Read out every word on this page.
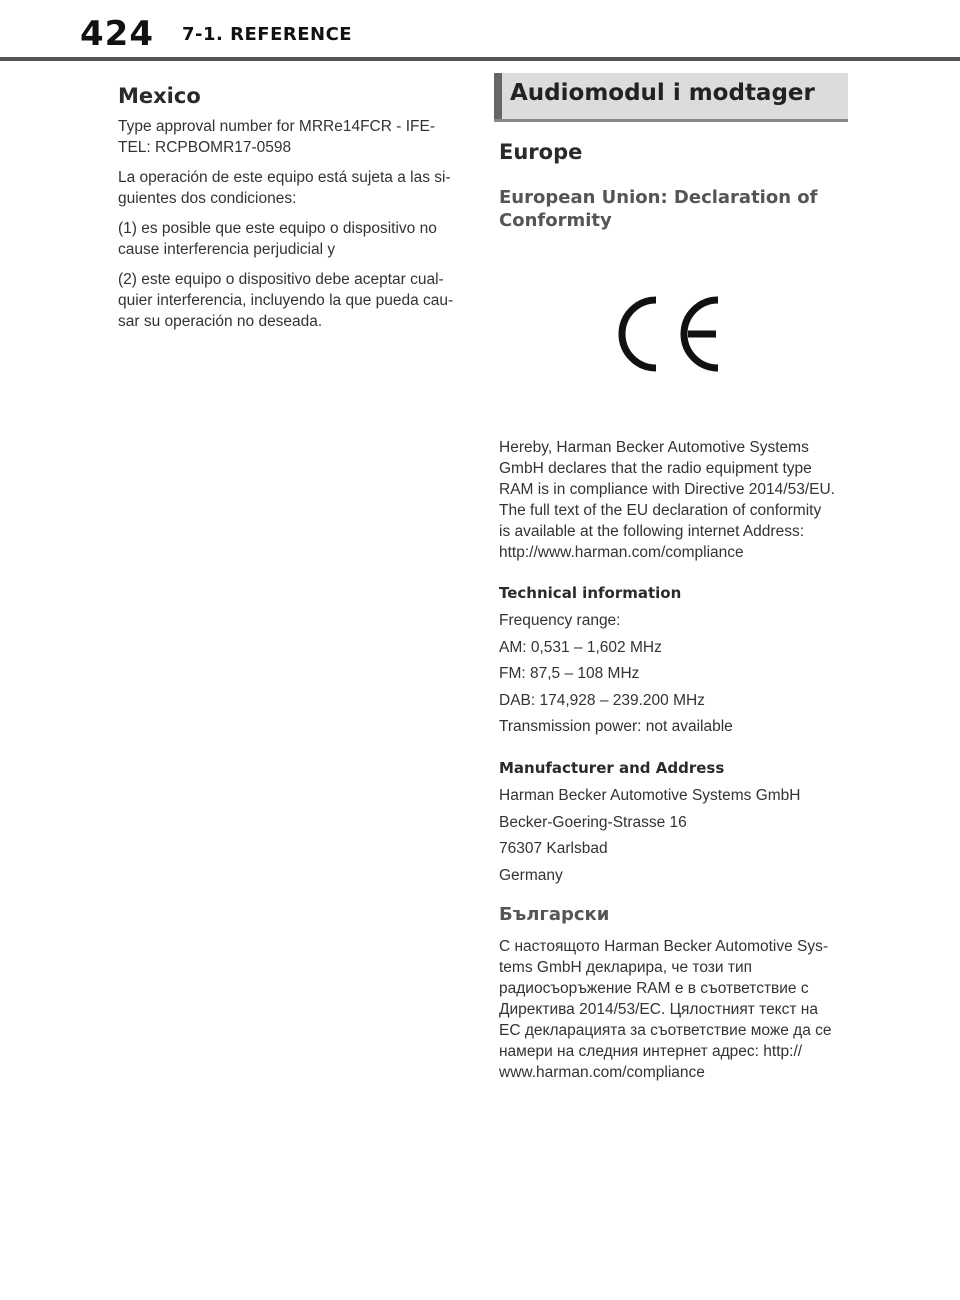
424 7-1. REFERENCE
Mexico

Type approval number for MRRe14FCR - IFE-

TEL: RCPBOMR17-0598

La operación de este equipo está sujeta a las si-

guientes dos condiciones:

(1) es posible que este equipo o dispositivo no

cause interferencia perjudicial y

(2) este equipo o dispositivo debe aceptar cual-

quier interferencia, incluyendo la que pueda cau-

sar su operación no deseada.

Audiomodul i modtager
Europe
European Union: Declaration of Conformity

Hereby, Harman Becker Automotive Systems

GmbH declares that the radio equipment type

RAM is in compliance with Directive 2014/53/EU.

The full text of the EU declaration of conformity

is available at the following internet Address:

http://www.harman.com/compliance

Technical information

Frequency range:

AM: 0,531 – 1,602 MHz

FM: 87,5 – 108 MHz

DAB: 174,928 – 239.200 MHz

Transmission power: not available

Manufacturer and Address

Harman Becker Automotive Systems GmbH

Becker-Goering-Strasse 16

76307 Karlsbad

Germany

Български

С настоящото Harman Becker Automotive Sys-

tems GmbH декларира, че този тип

радиосъоръжение RAM е в съответствие с

Директива 2014/53/ЕС. Цялостният текст на

ЕС декларацията за съответствие може да се

намери на следния интернет адрес: http://

www.harman.com/compliance
